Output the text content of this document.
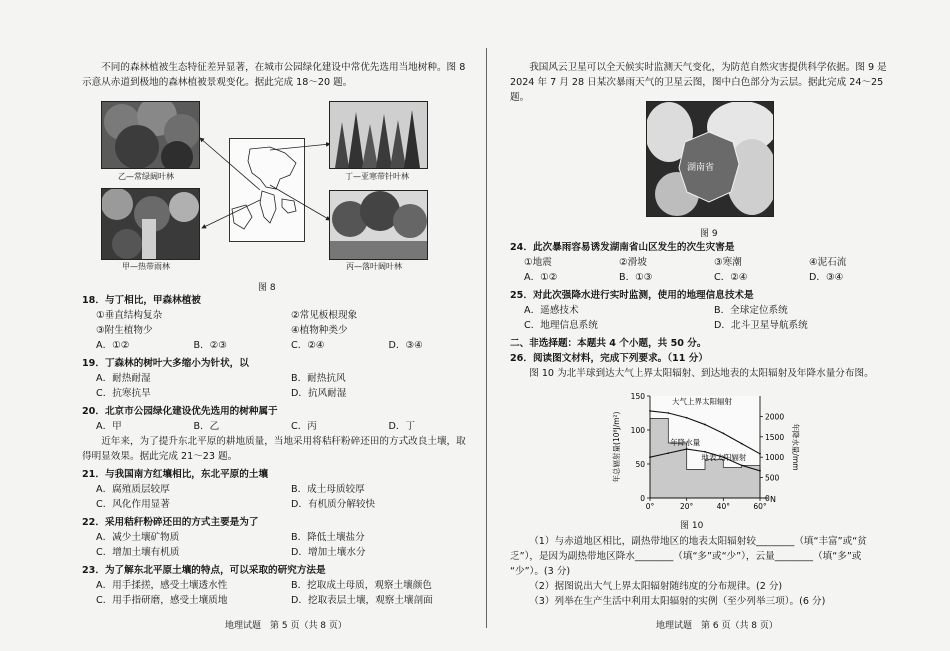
不同的森林植被生态特征差异显著，在城市公园绿化建设中常优先选用当地树种。图 8

示意从赤道到极地的森林植被景观变化。据此完成 18～20 题。

乙—常绿阔叶林
甲—热带雨林
丁—亚寒带针叶林
丙—落叶阔叶林
图 8

18．与丁相比，甲森林植被

①垂直结构复杂	②常见板根现象
③附生植物少	④植物种类少
A．①②	B．②③	C．②④	D．③④

19．丁森林的树叶大多缩小为针状，以

A．耐热耐湿	B．耐热抗风
C．抗寒抗旱	D．抗风耐湿

20．北京市公园绿化建设优先选用的树种属于

A．甲	B．乙	C．丙	D．丁

近年来，为了提升东北平原的耕地质量，当地采用将秸秆粉碎还田的方式改良土壤，取

得明显效果。据此完成 21～23 题。

21．与我国南方红壤相比，东北平原的土壤

A．腐殖质层较厚	B．成土母质较厚
C．风化作用显著	D．有机质分解较快

22．采用秸秆粉碎还田的方式主要是为了

A．减少土壤矿物质	B．降低土壤盐分
C．增加土壤有机质	D．增加土壤水分

23．为了解东北平原土壤的特点，可以采取的研究方法是

A．用手揉搓，感受土壤透水性	B．挖取成土母质，观察土壤颜色
C．用手指研磨，感受土壤质地	D．挖取表层土壤，观察土壤剖面
地理试题　第 5 页（共 8 页）

我国风云卫星可以全天候实时监测天气变化，为防范自然灾害提供科学依据。图 9 是

2024 年 7 月 28 日某次暴雨天气的卫星云图，图中白色部分为云层。据此完成 24～25 题。

湖南省
图 9

24．此次暴雨容易诱发湖南省山区发生的次生灾害是

①地震	②滑坡	③寒潮	④泥石流
A．①②	B．①③	C．②④	D．③④

25．对此次强降水进行实时监测，使用的地理信息技术是

A．遥感技术	B．全球定位系统
C．地理信息系统	D．北斗卫星导航系统

二、非选择题：本题共 4 个小题，共 50 分。

26．阅读图文材料，完成下列要求。（11 分）

图 10 为北半球到达大气上界太阳辐射、到达地表的太阳辐射及年降水量分布图。

0
50
100
150
0
500
1000
1500
2000
0°	20°	40°	60°
年总辐射量(10⁸J/m²)	年降水量/mm
N
大气上界太阳辐射
年降水量
地表太阳辐射
图 10

（1）与赤道地区相比，副热带地区的地表太阳辐射较________（填“丰富”或“贫

乏”），是因为副热带地区降水________（填“多”或“少”），云量________（填“多”或

“少”）。(3 分)

（2）据图说出大气上界太阳辐射随纬度的分布规律。(2 分)

（3）列举在生产生活中利用太阳辐射的实例（至少列举三项）。(6 分)

地理试题　第 6 页（共 8 页）
